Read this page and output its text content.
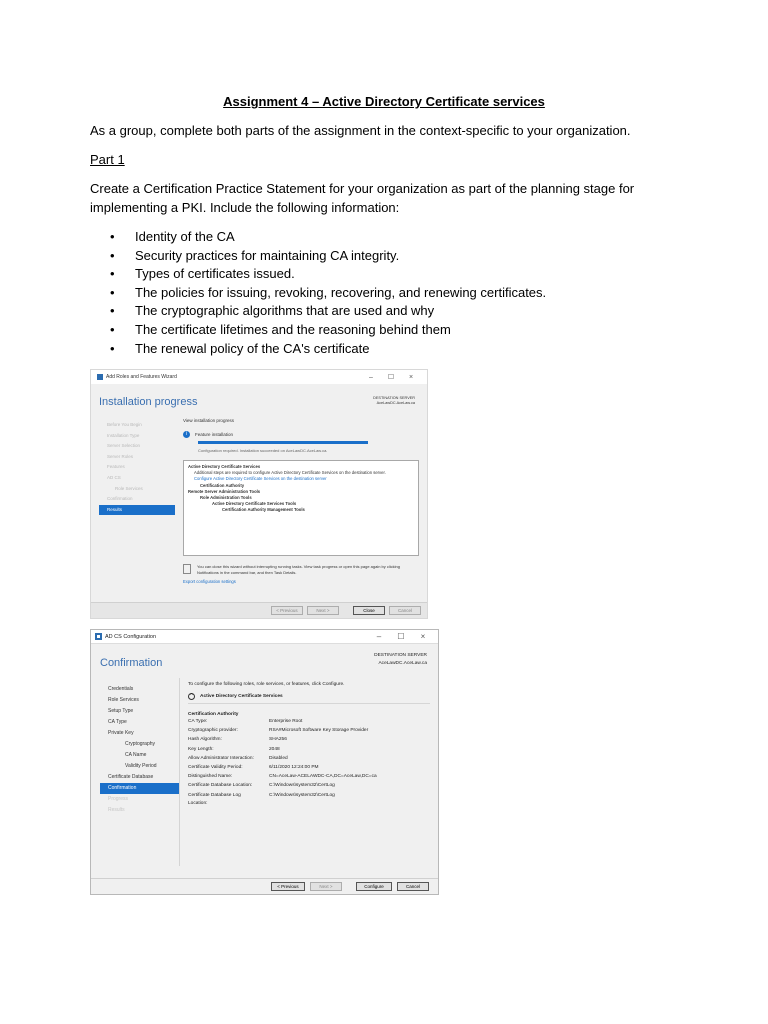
Assignment 4 – Active Directory Certificate services
As a group, complete both parts of the assignment in the context-specific to your organization.
Part 1
Create a Certification Practice Statement for your organization as part of the planning stage for implementing a PKI. Include the following information:
• Identity of the CA
• Security practices for maintaining CA integrity.
• Types of certificates issued.
• The policies for issuing, revoking, recovering, and renewing certificates.
• The cryptographic algorithms that are used and why
• The certificate lifetimes and the reasoning behind them
• The renewal policy of the CA's certificate
Add Roles and Features Wizard	–	☐	×
Installation progress	DESTINATION SERVER
AceLawDC.AceLaw.ca
Before You Begin
Installation Type
Server Selection
Server Roles
Features
AD CS
Role Services
Confirmation
Results
View installation progress
i	Feature installation
Configuration required. Installation succeeded on AceLawDC.AceLaw.ca.
Active Directory Certificate Services
Additional steps are required to configure Active Directory Certificate Services on the destination server.
Configure Active Directory Certificate Services on the destination server
Certification Authority
Remote Server Administration Tools
Role Administration Tools
Active Directory Certificate Services Tools
Certification Authority Management Tools
You can close this wizard without interrupting running tasks. View task progress or open this page again by clicking Notifications in the command bar, and then Task Details.
Export configuration settings
< Previous	Next >	Close	Cancel
AD CS Configuration	–	☐	×
Confirmation
DESTINATION SERVER
AceLawDC.AceLaw.ca
Credentials
Role Services
Setup Type
CA Type
Private Key
Cryptography
CA Name
Validity Period
Certificate Database
Confirmation
Progress
Results
To configure the following roles, role services, or features, click Configure.
^	Active Directory Certificate Services
Certification Authority
CA Type:	Enterprise Root
Cryptographic provider:	RSA#Microsoft Software Key Storage Provider
Hash Algorithm:	SHA256
Key Length:	2048
Allow Administrator Interaction:	Disabled
Certificate Validity Period:	6/11/2020 12:24:00 PM
Distinguished Name:	CN=AceLaw-ACELAWDC-CA,DC=AceLaw,DC=ca
Certificate Database Location:	C:\Windows\system32\CertLog
Certificate Database Log	C:\Windows\system32\CertLog
Location:
< Previous	Next >	Configure	Cancel
